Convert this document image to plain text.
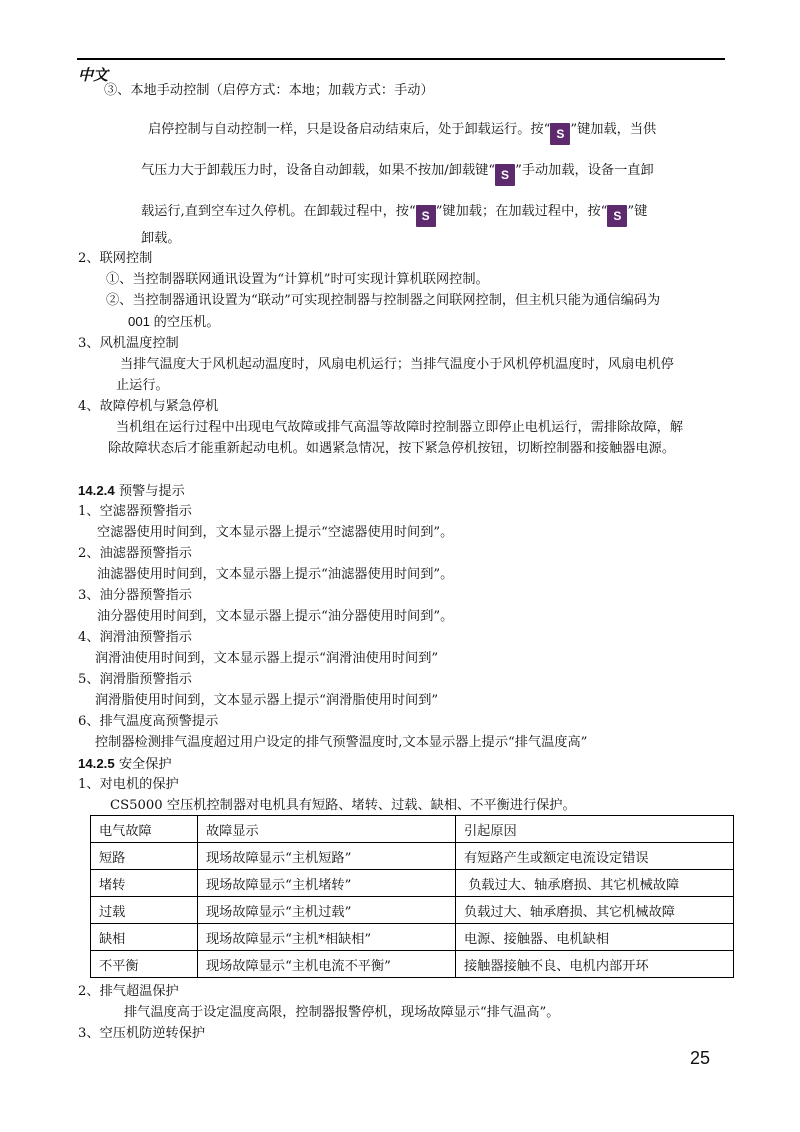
中文
③、本地手动控制（启停方式：本地；加载方式：手动）
启停控制与自动控制一样，只是设备启动结束后，处于卸载运行。按“ S ”键加载，当供
气压力大于卸载压力时，设备自动卸载，如果不按加/卸载键“ S ”手动加载，设备一直卸
载运行,直到空车过久停机。在卸载过程中，按“ S ”键加载；在加载过程中，按“ S ”键
卸载。
2、联网控制
①、当控制器联网通讯设置为“计算机”时可实现计算机联网控制。
②、当控制器通讯设置为“联动”可实现控制器与控制器之间联网控制，但主机只能为通信编码为
001 的空压机。
3、风机温度控制
当排气温度大于风机起动温度时，风扇电机运行；当排气温度小于风机停机温度时，风扇电机停
止运行。
4、故障停机与紧急停机
当机组在运行过程中出现电气故障或排气高温等故障时控制器立即停止电机运行，需排除故障，解
除故障状态后才能重新起动电机。如遇紧急情况，按下紧急停机按钮，切断控制器和接触器电源。
14.2.4 预警与提示
1、空滤器预警指示
空滤器使用时间到，文本显示器上提示“空滤器使用时间到”。
2、油滤器预警指示
油滤器使用时间到，文本显示器上提示“油滤器使用时间到”。
3、油分器预警指示
油分器使用时间到，文本显示器上提示“油分器使用时间到”。
4、润滑油预警指示
润滑油使用时间到，文本显示器上提示“润滑油使用时间到”
5、润滑脂预警指示
润滑脂使用时间到，文本显示器上提示“润滑脂使用时间到”
6、排气温度高预警提示
控制器检测排气温度超过用户设定的排气预警温度时,文本显示器上提示“排气温度高”
14.2.5 安全保护
1、对电机的保护
CS5000 空压机控制器对电机具有短路、堵转、过载、缺相、不平衡进行保护。
电气故障	故障显示	引起原因
短路	现场故障显示“主机短路”	有短路产生或额定电流设定错误
堵转	现场故障显示“主机堵转”	负载过大、轴承磨损、其它机械故障
过载	现场故障显示“主机过载”	负载过大、轴承磨损、其它机械故障
缺相	现场故障显示“主机*相缺相”	电源、接触器、电机缺相
不平衡	现场故障显示“主机电流不平衡”	接触器接触不良、电机内部开环
2、排气超温保护
排气温度高于设定温度高限，控制器报警停机，现场故障显示“排气温高”。
3、空压机防逆转保护
25
